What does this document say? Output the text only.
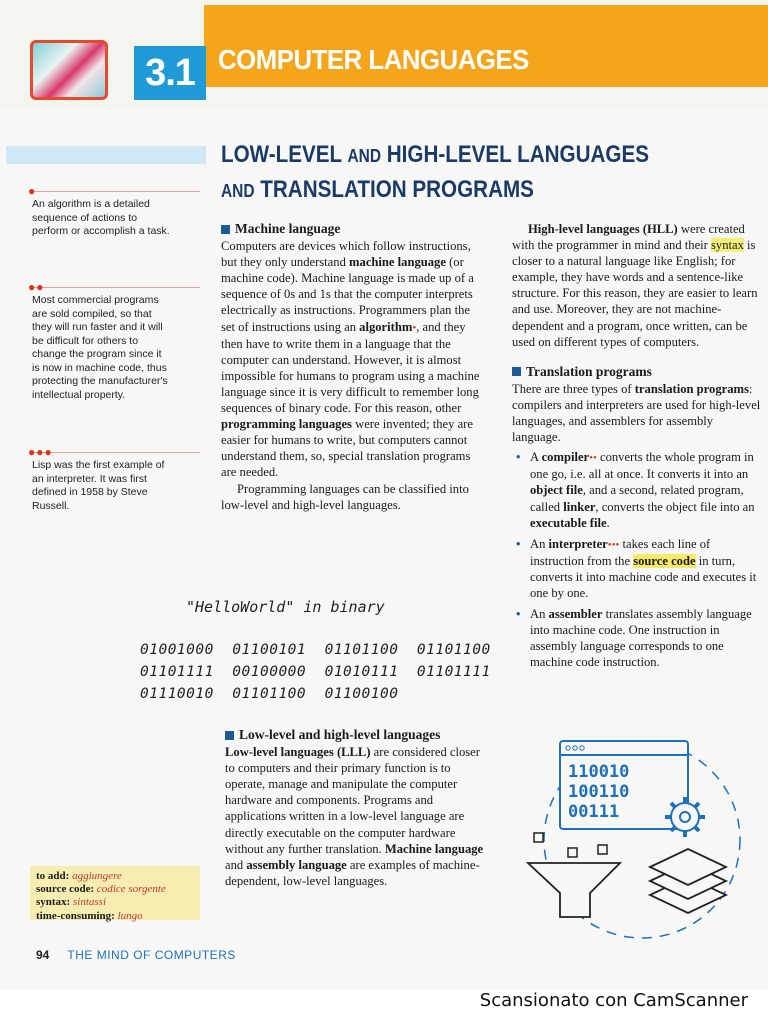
3.1 COMPUTER LANGUAGES
LOW-LEVEL AND HIGH-LEVEL LANGUAGES
AND TRANSLATION PROGRAMS
●
An algorithm is a detailed sequence of actions to perform or accomplish a task.
●●
Most commercial programs are sold compiled, so that they will run faster and it will be difficult for others to change the program since it is now in machine code, thus protecting the manufacturer's intellectual property.
●●●
Lisp was the first example of an interpreter. It was first defined in 1958 by Steve Russell.
Machine language

Computers are devices which follow instructions, but they only understand machine language (or machine code). Machine language is made up of a sequence of 0s and 1s that the computer interprets electrically as instructions. Programmers plan the set of instructions using an algorithm•, and they then have to write them in a language that the computer can understand. However, it is almost impossible for humans to program using a machine language since it is very difficult to remember long sequences of binary code. For this reason, other programming languages were invented; they are easier for humans to write, but computers cannot understand them, so, special translation programs are needed.

Programming languages can be classified into low-level and high-level languages.

"HelloWorld" in binary
01001000  01100101  01101100  01101100
01101111  00100000  01010111  01101111
01110010  01101100  01100100
Low-level and high-level languages

Low-level languages (LLL) are considered closer to computers and their primary function is to operate, manage and manipulate the computer hardware and components. Programs and applications written in a low-level language are directly executable on the computer hardware without any further translation. Machine language and assembly language are examples of machine-dependent, low-level languages.

High-level languages (HLL) were created with the programmer in mind and their syntax is closer to a natural language like English; for example, they have words and a sentence-like structure. For this reason, they are easier to learn and use. Moreover, they are not machine-dependent and a program, once written, can be used on different types of computers.

Translation programs

There are three types of translation programs: compilers and interpreters are used for high-level languages, and assemblers for assembly language.

• A compiler•• converts the whole program in one go, i.e. all at once. It converts it into an object file, and a second, related program, called linker, converts the object file into an executable file.
• An interpreter••• takes each line of instruction from the source code in turn, converts it into machine code and executes it one by one.
• An assembler translates assembly language into machine code. One instruction in assembly language corresponds to one machine code instruction.
110010
100110
00111
to add: aggiungere
source code: codice sorgente
syntax: sintassi
time-consuming: lungo
94 THE MIND OF COMPUTERS
Scansionato con CamScanner
